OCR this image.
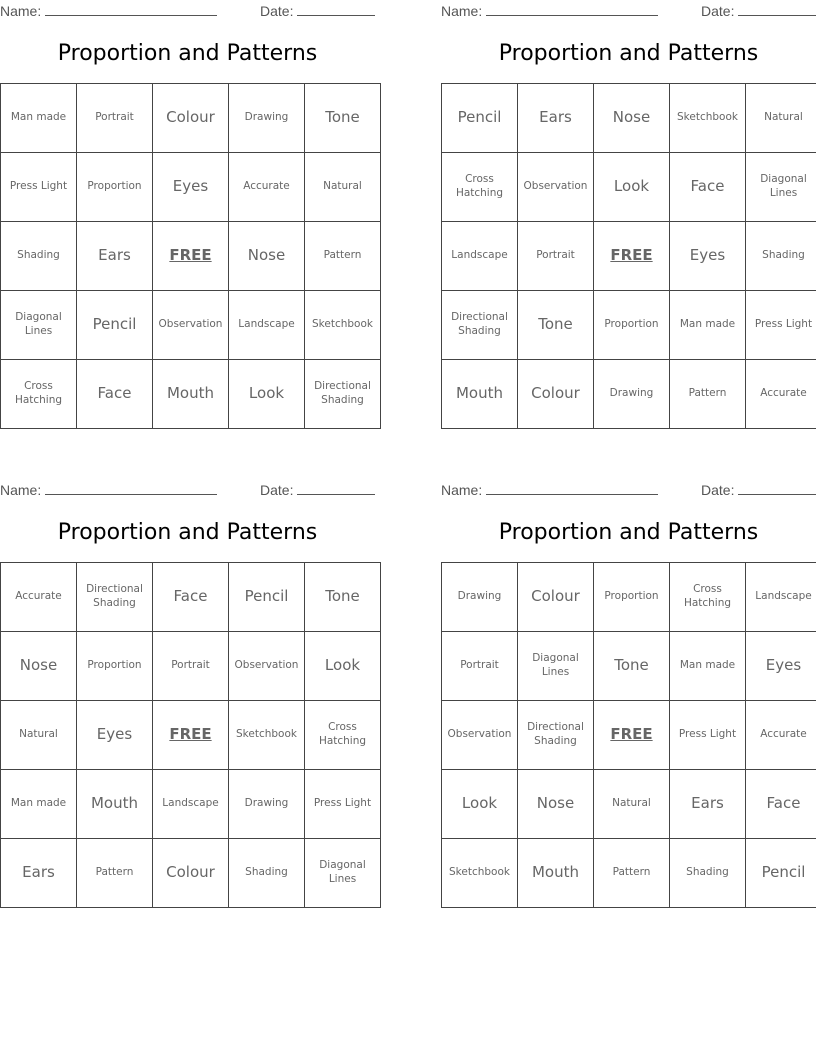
Name:	Date:
Proportion and Patterns
Man made	Portrait	Colour	Drawing	Tone
Press Light	Proportion	Eyes	Accurate	Natural
Shading	Ears	FREE	Nose	Pattern
Diagonal Lines	Pencil	Observation	Landscape	Sketchbook
Cross Hatching	Face	Mouth	Look	Directional Shading
Name:	Date:
Proportion and Patterns
Pencil	Ears	Nose	Sketchbook	Natural
Cross Hatching	Observation	Look	Face	Diagonal Lines
Landscape	Portrait	FREE	Eyes	Shading
Directional Shading	Tone	Proportion	Man made	Press Light
Mouth	Colour	Drawing	Pattern	Accurate
Name:	Date:
Proportion and Patterns
Accurate	Directional Shading	Face	Pencil	Tone
Nose	Proportion	Portrait	Observation	Look
Natural	Eyes	FREE	Sketchbook	Cross Hatching
Man made	Mouth	Landscape	Drawing	Press Light
Ears	Pattern	Colour	Shading	Diagonal Lines
Name:	Date:
Proportion and Patterns
Drawing	Colour	Proportion	Cross Hatching	Landscape
Portrait	Diagonal Lines	Tone	Man made	Eyes
Observation	Directional Shading	FREE	Press Light	Accurate
Look	Nose	Natural	Ears	Face
Sketchbook	Mouth	Pattern	Shading	Pencil
